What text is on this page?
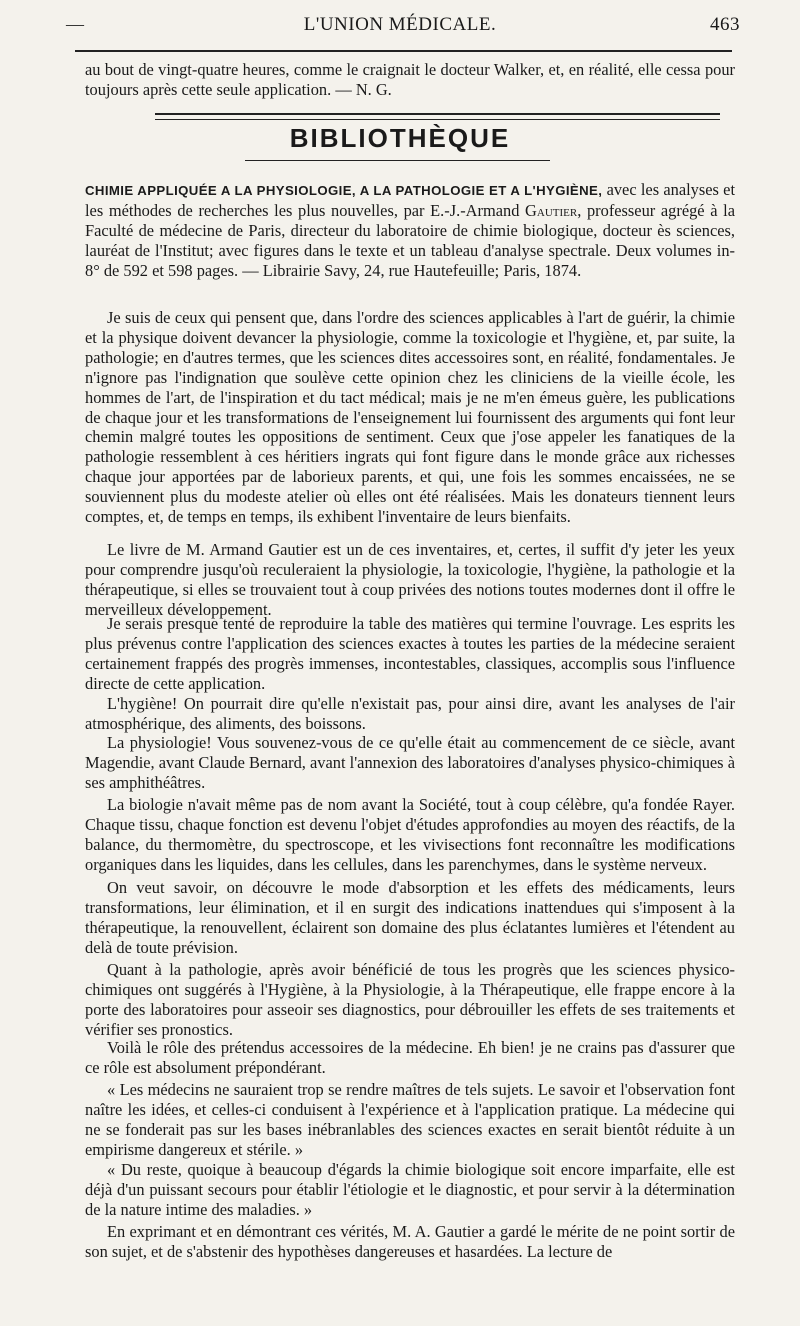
—	L'UNION MÉDICALE.	463

au bout de vingt-quatre heures, comme le craignait le docteur Walker, et, en réalité, elle cessa pour toujours après cette seule application. — N. G.

BIBLIOTHÈQUE

CHIMIE APPLIQUÉE A LA PHYSIOLOGIE, A LA PATHOLOGIE ET A L'HYGIÈNE, avec les analyses et les méthodes de recherches les plus nouvelles, par E.-J.-Armand Gautier, professeur agrégé à la Faculté de médecine de Paris, directeur du laboratoire de chimie biologique, docteur ès sciences, lauréat de l'Institut; avec figures dans le texte et un tableau d'analyse spectrale. Deux volumes in-8° de 592 et 598 pages. — Librairie Savy, 24, rue Hautefeuille; Paris, 1874.

Je suis de ceux qui pensent que, dans l'ordre des sciences applicables à l'art de guérir, la chimie et la physique doivent devancer la physiologie, comme la toxicologie et l'hygiène, et, par suite, la pathologie; en d'autres termes, que les sciences dites accessoires sont, en réalité, fondamentales. Je n'ignore pas l'indignation que soulève cette opinion chez les cliniciens de la vieille école, les hommes de l'art, de l'inspiration et du tact médical; mais je ne m'en émeus guère, les publications de chaque jour et les transformations de l'enseignement lui fournissent des arguments qui font leur chemin malgré toutes les oppositions de sentiment. Ceux que j'ose appeler les fanatiques de la pathologie ressemblent à ces héritiers ingrats qui font figure dans le monde grâce aux richesses chaque jour apportées par de laborieux parents, et qui, une fois les sommes encaissées, ne se souviennent plus du modeste atelier où elles ont été réalisées. Mais les donateurs tiennent leurs comptes, et, de temps en temps, ils exhibent l'inventaire de leurs bienfaits.

Le livre de M. Armand Gautier est un de ces inventaires, et, certes, il suffit d'y jeter les yeux pour comprendre jusqu'où reculeraient la physiologie, la toxicologie, l'hygiène, la pathologie et la thérapeutique, si elles se trouvaient tout à coup privées des notions toutes modernes dont il offre le merveilleux développement.

Je serais presque tenté de reproduire la table des matières qui termine l'ouvrage. Les esprits les plus prévenus contre l'application des sciences exactes à toutes les parties de la médecine seraient certainement frappés des progrès immenses, incontestables, classiques, accomplis sous l'influence directe de cette application.

L'hygiène! On pourrait dire qu'elle n'existait pas, pour ainsi dire, avant les analyses de l'air atmosphérique, des aliments, des boissons.

La physiologie! Vous souvenez-vous de ce qu'elle était au commencement de ce siècle, avant Magendie, avant Claude Bernard, avant l'annexion des laboratoires d'analyses physico-chimiques à ses amphithéâtres.

La biologie n'avait même pas de nom avant la Société, tout à coup célèbre, qu'a fondée Rayer. Chaque tissu, chaque fonction est devenu l'objet d'études approfondies au moyen des réactifs, de la balance, du thermomètre, du spectroscope, et les vivisections font reconnaître les modifications organiques dans les liquides, dans les cellules, dans les parenchymes, dans le système nerveux.

On veut savoir, on découvre le mode d'absorption et les effets des médicaments, leurs transformations, leur élimination, et il en surgit des indications inattendues qui s'imposent à la thérapeutique, la renouvellent, éclairent son domaine des plus éclatantes lumières et l'étendent au delà de toute prévision.

Quant à la pathologie, après avoir bénéficié de tous les progrès que les sciences physico-chimiques ont suggérés à l'Hygiène, à la Physiologie, à la Thérapeutique, elle frappe encore à la porte des laboratoires pour asseoir ses diagnostics, pour débrouiller les effets de ses traitements et vérifier ses pronostics.

Voilà le rôle des prétendus accessoires de la médecine. Eh bien! je ne crains pas d'assurer que ce rôle est absolument prépondérant.

« Les médecins ne sauraient trop se rendre maîtres de tels sujets. Le savoir et l'observation font naître les idées, et celles-ci conduisent à l'expérience et à l'application pratique. La médecine qui ne se fonderait pas sur les bases inébranlables des sciences exactes en serait bientôt réduite à un empirisme dangereux et stérile. »

« Du reste, quoique à beaucoup d'égards la chimie biologique soit encore imparfaite, elle est déjà d'un puissant secours pour établir l'étiologie et le diagnostic, et pour servir à la détermination de la nature intime des maladies. »

En exprimant et en démontrant ces vérités, M. A. Gautier a gardé le mérite de ne point sortir de son sujet, et de s'abstenir des hypothèses dangereuses et hasardées. La lecture de
